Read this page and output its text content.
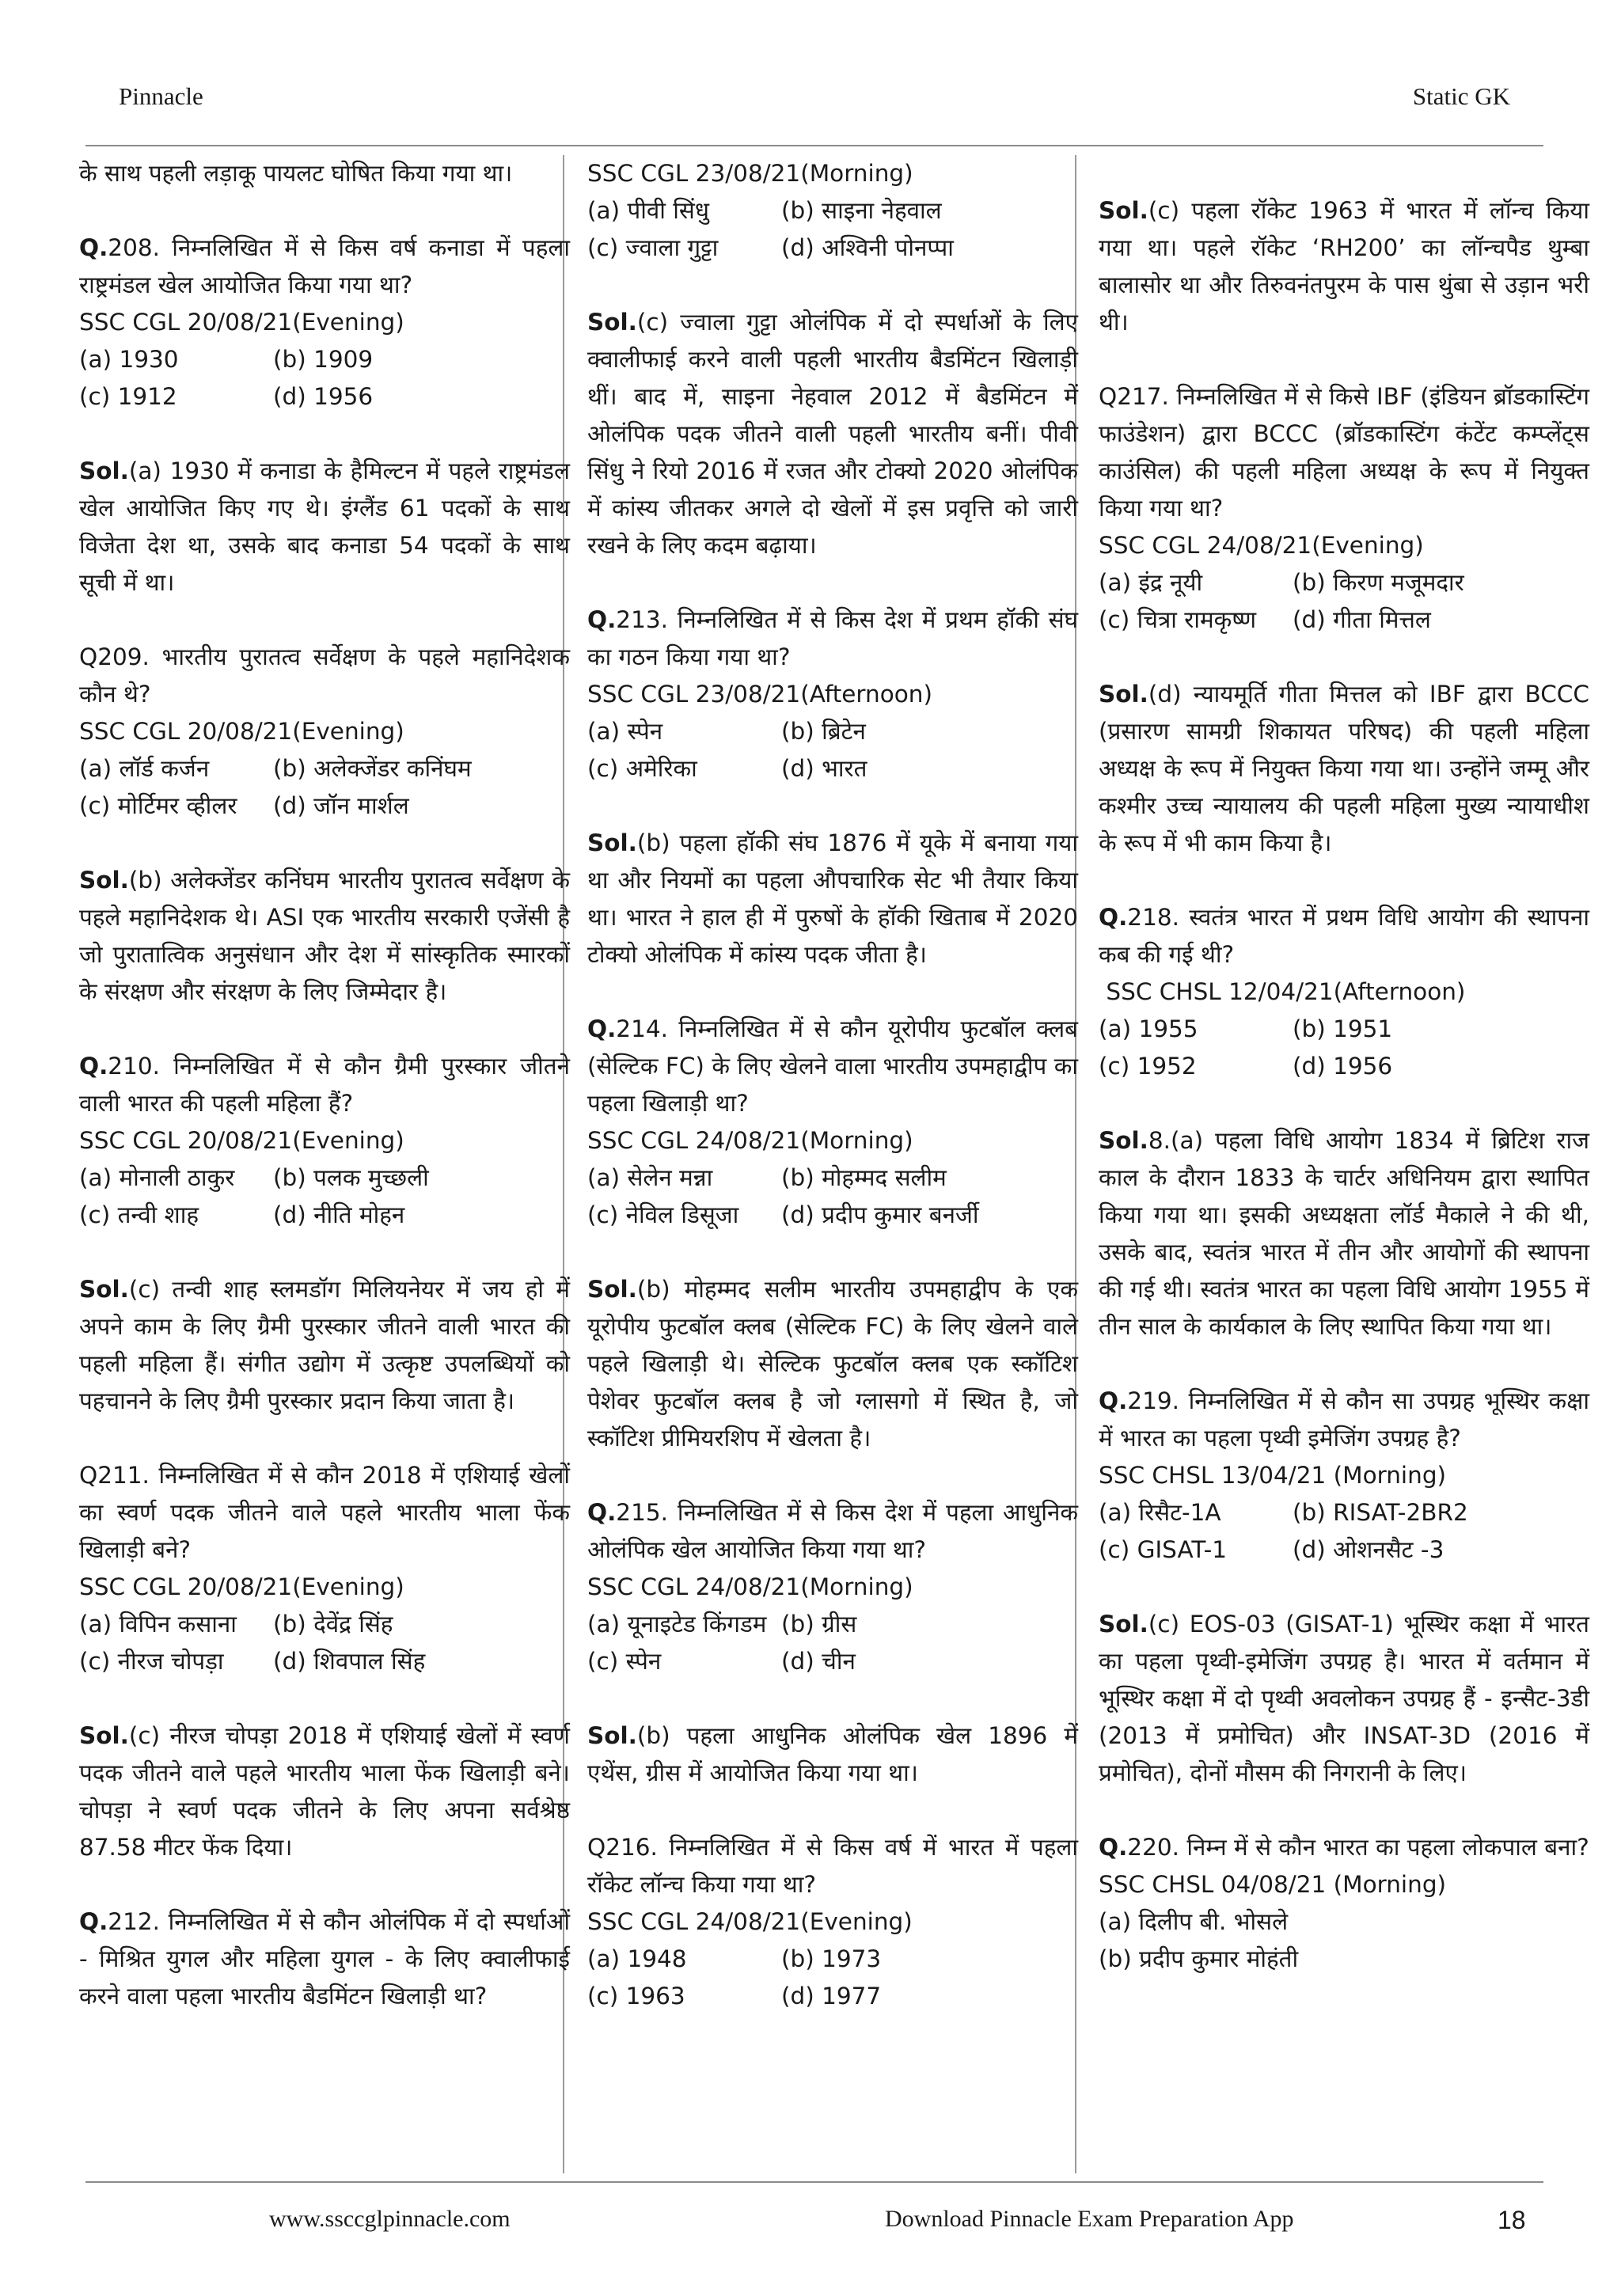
Pinnacle	Static GK
के साथ पहली लड़ाकू पायलट घोषित किया गया था।
Q.208. निम्नलिखित में से किस वर्ष कनाडा में पहला राष्ट्रमंडल खेल आयोजित किया गया था?
SSC CGL 20/08/21(Evening)
(a) 1930	(b) 1909
(c) 1912	(d) 1956
Sol.(a) 1930 में कनाडा के हैमिल्टन में पहले राष्ट्रमंडल खेल आयोजित किए गए थे। इंग्लैंड 61 पदकों के साथ विजेता देश था, उसके बाद कनाडा 54 पदकों के साथ सूची में था।
Q209. भारतीय पुरातत्व सर्वेक्षण के पहले महानिदेशक कौन थे?
SSC CGL 20/08/21(Evening)
(a) लॉर्ड कर्जन	(b) अलेक्जेंडर कनिंघम
(c) मोर्टिमर व्हीलर	(d) जॉन मार्शल
Sol.(b) अलेक्जेंडर कनिंघम भारतीय पुरातत्व सर्वेक्षण के पहले महानिदेशक थे। ASI एक भारतीय सरकारी एजेंसी है जो पुरातात्विक अनुसंधान और देश में सांस्कृतिक स्मारकों के संरक्षण और संरक्षण के लिए जिम्मेदार है।
Q.210. निम्नलिखित में से कौन ग्रैमी पुरस्कार जीतने वाली भारत की पहली महिला हैं?
SSC CGL 20/08/21(Evening)
(a) मोनाली ठाकुर	(b) पलक मुच्छली
(c) तन्वी शाह	(d) नीति मोहन
Sol.(c) तन्वी शाह स्लमडॉग मिलियनेयर में जय हो में अपने काम के लिए ग्रैमी पुरस्कार जीतने वाली भारत की पहली महिला हैं। संगीत उद्योग में उत्कृष्ट उपलब्धियों को पहचानने के लिए ग्रैमी पुरस्कार प्रदान किया जाता है।
Q211. निम्नलिखित में से कौन 2018 में एशियाई खेलों का स्वर्ण पदक जीतने वाले पहले भारतीय भाला फेंक खिलाड़ी बने?
SSC CGL 20/08/21(Evening)
(a) विपिन कसाना	(b) देवेंद्र सिंह
(c) नीरज चोपड़ा	(d) शिवपाल सिंह
Sol.(c) नीरज चोपड़ा 2018 में एशियाई खेलों में स्वर्ण पदक जीतने वाले पहले भारतीय भाला फेंक खिलाड़ी बने। चोपड़ा ने स्वर्ण पदक जीतने के लिए अपना सर्वश्रेष्ठ 87.58 मीटर फेंक दिया।
Q.212. निम्नलिखित में से कौन ओलंपिक में दो स्पर्धाओं - मिश्रित युगल और महिला युगल - के लिए क्वालीफाई करने वाला पहला भारतीय बैडमिंटन खिलाड़ी था?
SSC CGL 23/08/21(Morning)
(a) पीवी सिंधु	(b) साइना नेहवाल
(c) ज्वाला गुट्टा	(d) अश्विनी पोनप्पा
Sol.(c) ज्वाला गुट्टा ओलंपिक में दो स्पर्धाओं के लिए क्वालीफाई करने वाली पहली भारतीय बैडमिंटन खिलाड़ी थीं। बाद में, साइना नेहवाल 2012 में बैडमिंटन में ओलंपिक पदक जीतने वाली पहली भारतीय बनीं। पीवी सिंधु ने रियो 2016 में रजत और टोक्यो 2020 ओलंपिक में कांस्य जीतकर अगले दो खेलों में इस प्रवृत्ति को जारी रखने के लिए कदम बढ़ाया।
Q.213. निम्नलिखित में से किस देश में प्रथम हॉकी संघ का गठन किया गया था?
SSC CGL 23/08/21(Afternoon)
(a) स्पेन	(b) ब्रिटेन
(c) अमेरिका	(d) भारत
Sol.(b) पहला हॉकी संघ 1876 में यूके में बनाया गया था और नियमों का पहला औपचारिक सेट भी तैयार किया था। भारत ने हाल ही में पुरुषों के हॉकी खिताब में 2020 टोक्यो ओलंपिक में कांस्य पदक जीता है।
Q.214. निम्नलिखित में से कौन यूरोपीय फुटबॉल क्लब (सेल्टिक FC) के लिए खेलने वाला भारतीय उपमहाद्वीप का पहला खिलाड़ी था?
SSC CGL 24/08/21(Morning)
(a) सेलेन मन्ना	(b) मोहम्मद सलीम
(c) नेविल डिसूजा	(d) प्रदीप कुमार बनर्जी
Sol.(b) मोहम्मद सलीम भारतीय उपमहाद्वीप के एक यूरोपीय फुटबॉल क्लब (सेल्टिक FC) के लिए खेलने वाले पहले खिलाड़ी थे। सेल्टिक फुटबॉल क्लब एक स्कॉटिश पेशेवर फुटबॉल क्लब है जो ग्लासगो में स्थित है, जो स्कॉटिश प्रीमियरशिप में खेलता है।
Q.215. निम्नलिखित में से किस देश में पहला आधुनिक ओलंपिक खेल आयोजित किया गया था?
SSC CGL 24/08/21(Morning)
(a) यूनाइटेड किंगडम (b) ग्रीस
(c) स्पेन	(d) चीन
Sol.(b) पहला आधुनिक ओलंपिक खेल 1896 में एथेंस, ग्रीस में आयोजित किया गया था।
Q216. निम्नलिखित में से किस वर्ष में भारत में पहला रॉकेट लॉन्च किया गया था?
SSC CGL 24/08/21(Evening)
(a) 1948	(b) 1973
(c) 1963	(d) 1977
Sol.(c) पहला रॉकेट 1963 में भारत में लॉन्च किया गया था। पहले रॉकेट ‘RH200’ का लॉन्चपैड थुम्बा बालासोर था और तिरुवनंतपुरम के पास थुंबा से उड़ान भरी थी।
Q217. निम्नलिखित में से किसे IBF (इंडियन ब्रॉडकास्टिंग फाउंडेशन) द्वारा BCCC (ब्रॉडकास्टिंग कंटेंट कम्प्लेंट्स काउंसिल) की पहली महिला अध्यक्ष के रूप में नियुक्त किया गया था?
SSC CGL 24/08/21(Evening)
(a) इंद्र नूयी	(b) किरण मजूमदार
(c) चित्रा रामकृष्ण	(d) गीता मित्तल
Sol.(d) न्यायमूर्ति गीता मित्तल को IBF द्वारा BCCC (प्रसारण सामग्री शिकायत परिषद) की पहली महिला अध्यक्ष के रूप में नियुक्त किया गया था। उन्होंने जम्मू और कश्मीर उच्च न्यायालय की पहली महिला मुख्य न्यायाधीश के रूप में भी काम किया है।
Q.218. स्वतंत्र भारत में प्रथम विधि आयोग की स्थापना कब की गई थी?
SSC CHSL 12/04/21(Afternoon)
(a) 1955	(b) 1951
(c) 1952	(d) 1956
Sol.8.(a) पहला विधि आयोग 1834 में ब्रिटिश राज काल के दौरान 1833 के चार्टर अधिनियम द्वारा स्थापित किया गया था। इसकी अध्यक्षता लॉर्ड मैकाले ने की थी, उसके बाद, स्वतंत्र भारत में तीन और आयोगों की स्थापना की गई थी। स्वतंत्र भारत का पहला विधि आयोग 1955 में तीन साल के कार्यकाल के लिए स्थापित किया गया था।
Q.219. निम्नलिखित में से कौन सा उपग्रह भूस्थिर कक्षा में भारत का पहला पृथ्वी इमेजिंग उपग्रह है?
SSC CHSL 13/04/21 (Morning)
(a) रिसैट-1A	(b) RISAT-2BR2
(c) GISAT-1	(d) ओशनसैट -3
Sol.(c) EOS-03 (GISAT-1) भूस्थिर कक्षा में भारत का पहला पृथ्वी-इमेजिंग उपग्रह है। भारत में वर्तमान में भूस्थिर कक्षा में दो पृथ्वी अवलोकन उपग्रह हैं - इन्सैट-3डी (2013 में प्रमोचित) और INSAT-3D (2016 में प्रमोचित), दोनों मौसम की निगरानी के लिए।
Q.220. निम्न में से कौन भारत का पहला लोकपाल बना?
SSC CHSL 04/08/21 (Morning)
(a) दिलीप बी. भोसले
(b) प्रदीप कुमार मोहंती
www.ssccglpinnacle.com	Download Pinnacle Exam Preparation App	18
